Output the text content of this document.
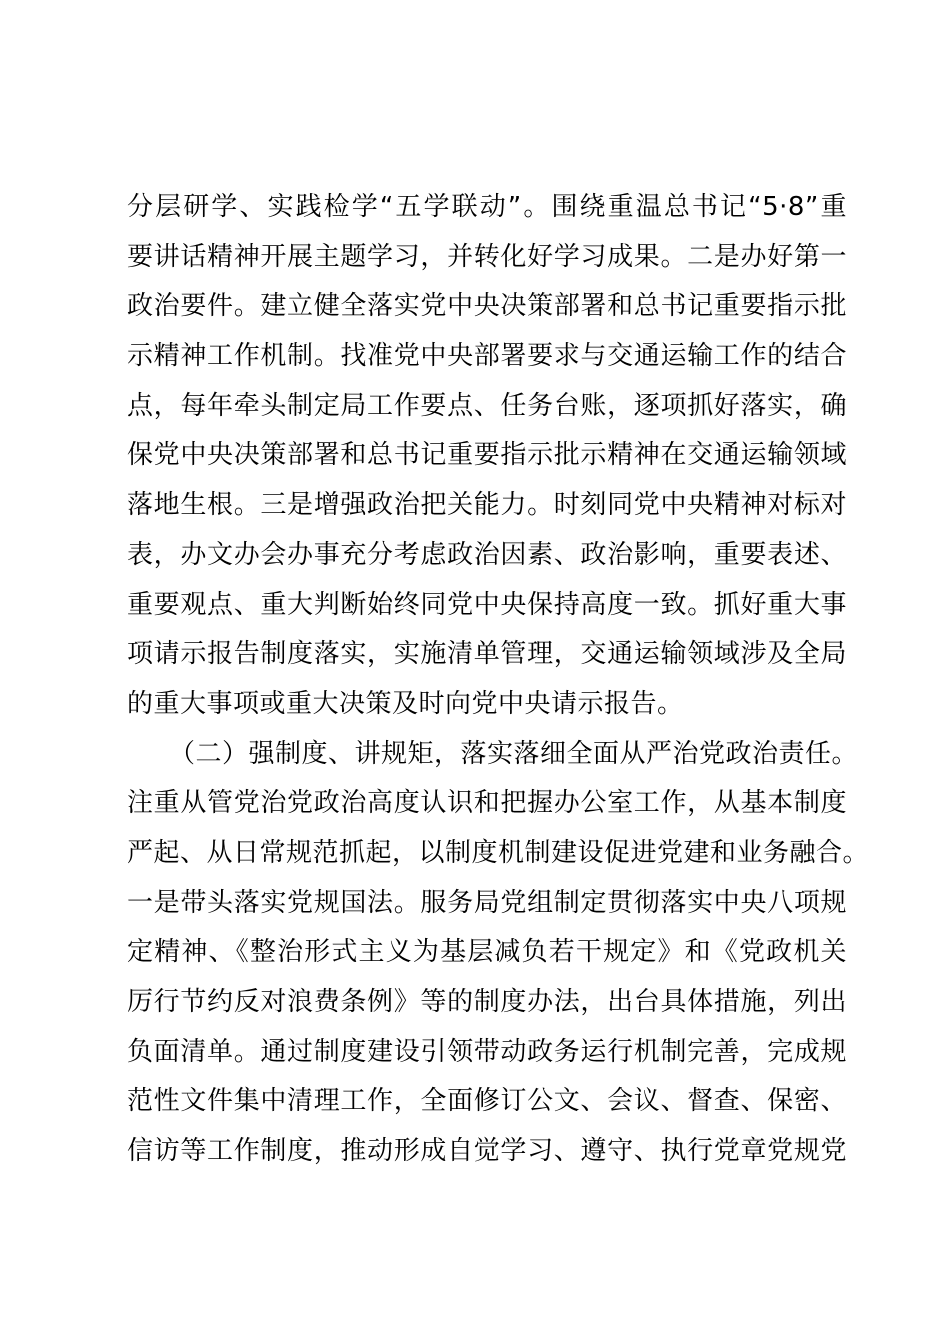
分层研学、实践检学“五学联动”。围绕重温总书记“5·8”重
要讲话精神开展主题学习，并转化好学习成果。二是办好第一
政治要件。建立健全落实党中央决策部署和总书记重要指示批
示精神工作机制。找准党中央部署要求与交通运输工作的结合
点，每年牵头制定局工作要点、任务台账，逐项抓好落实，确
保党中央决策部署和总书记重要指示批示精神在交通运输领域
落地生根。三是增强政治把关能力。时刻同党中央精神对标对
表，办文办会办事充分考虑政治因素、政治影响，重要表述、
重要观点、重大判断始终同党中央保持高度一致。抓好重大事
项请示报告制度落实，实施清单管理，交通运输领域涉及全局
的重大事项或重大决策及时向党中央请示报告。
（二）强制度、讲规矩，落实落细全面从严治党政治责任。
注重从管党治党政治高度认识和把握办公室工作，从基本制度
严起、从日常规范抓起，以制度机制建设促进党建和业务融合。
一是带头落实党规国法。服务局党组制定贯彻落实中央八项规
定精神、《整治形式主义为基层减负若干规定》和《党政机关
厉行节约反对浪费条例》等的制度办法，出台具体措施，列出
负面清单。通过制度建设引领带动政务运行机制完善，完成规
范性文件集中清理工作，全面修订公文、会议、督查、保密、
信访等工作制度，推动形成自觉学习、遵守、执行党章党规党
